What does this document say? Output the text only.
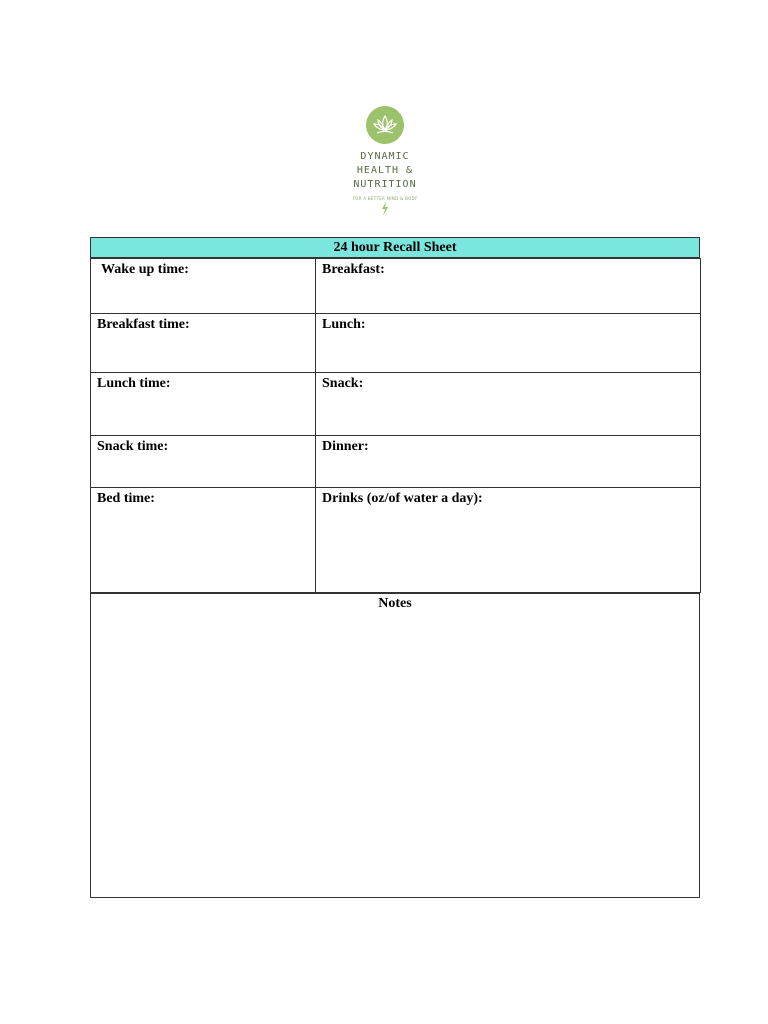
DYNAMIC
HEALTH &
NUTRITION
FOR A BETTER MIND & BODY
24 hour Recall Sheet
Wake up time:	Breakfast:
Breakfast time:	Lunch:
Lunch time:	Snack:
Snack time:	Dinner:
Bed time:	Drinks (oz/of water a day):
Notes
